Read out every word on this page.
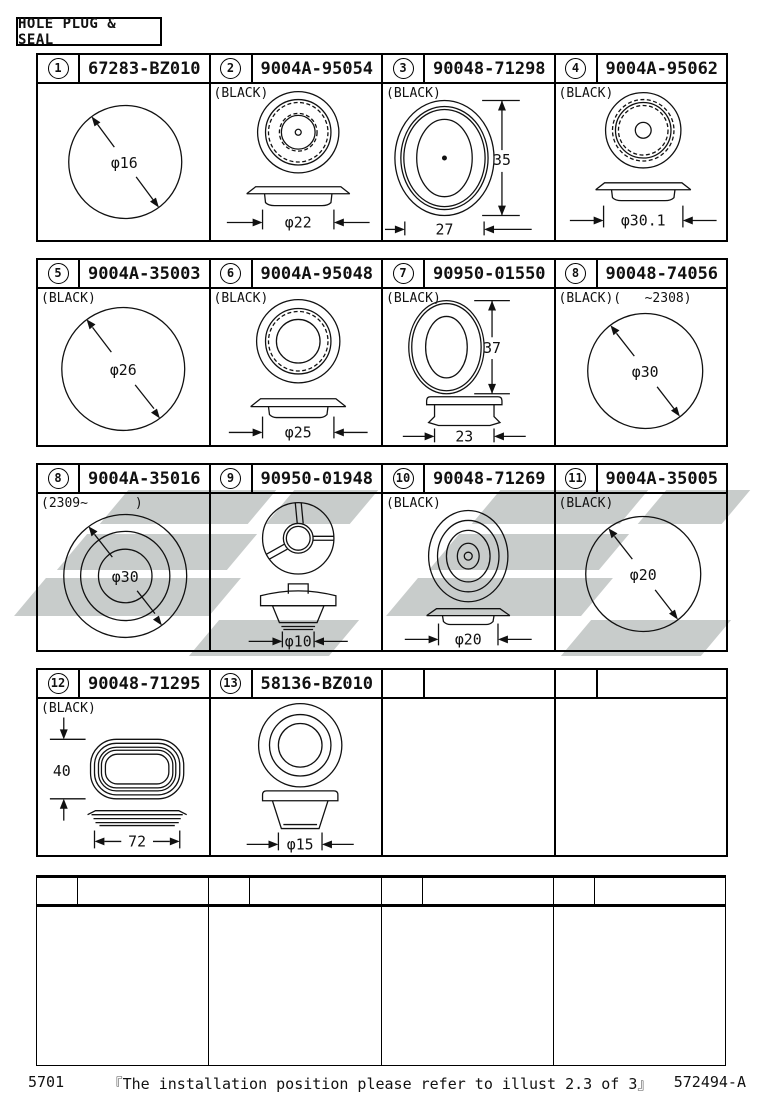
HOLE PLUG & SEAL
1	67283-BZ010
φ16
2	9004A-95054
(BLACK)
φ22
3	90048-71298
(BLACK)
35
27
4	9004A-95062
(BLACK)
φ30.1
5	9004A-35003
(BLACK)
φ26
6	9004A-95048
(BLACK)
φ25
7	90950-01550
(BLACK)
37
23
8	90048-74056
(BLACK)(   ~2308)
φ30
8	9004A-35016
(2309~      )
φ30
9	90950-01948
φ10
10	90048-71269
(BLACK)
φ20
11	9004A-35005
(BLACK)
φ20
12	90048-71295
(BLACK)
40
72
13	58136-BZ010
φ15
5701	『The installation position please refer to illust 2.3 of 3』	572494-A
